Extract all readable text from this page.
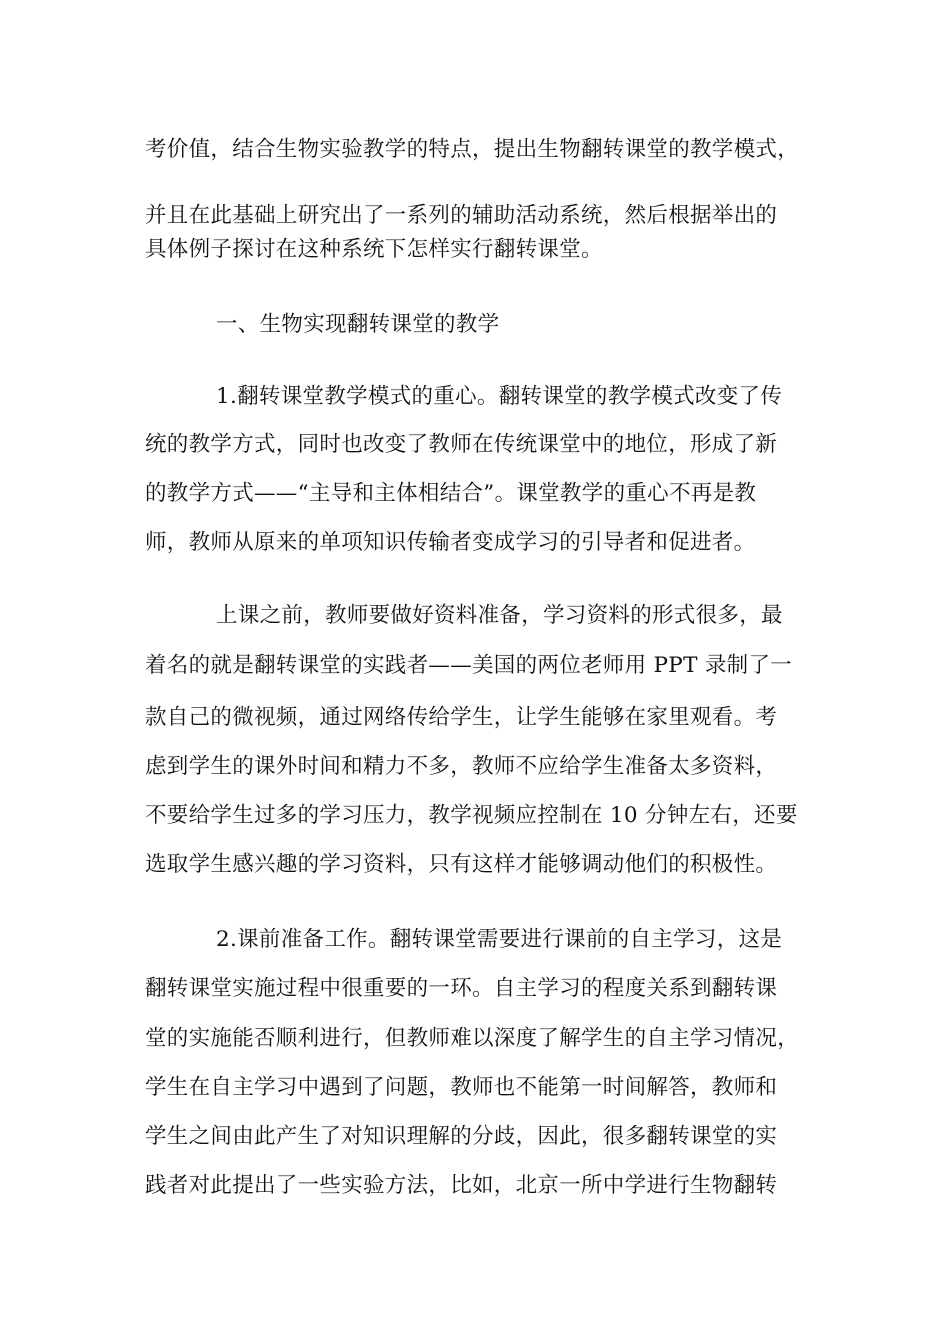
考价值，结合生物实验教学的特点，提出生物翻转课堂的教学模式，
并且在此基础上研究出了一系列的辅助活动系统，然后根据举出的
具体例子探讨在这种系统下怎样实行翻转课堂。
一、生物实现翻转课堂的教学
1.翻转课堂教学模式的重心。翻转课堂的教学模式改变了传
统的教学方式，同时也改变了教师在传统课堂中的地位，形成了新
的教学方式——“主导和主体相结合”。课堂教学的重心不再是教
师，教师从原来的单项知识传输者变成学习的引导者和促进者。
上课之前，教师要做好资料准备，学习资料的形式很多，最
着名的就是翻转课堂的实践者——美国的两位老师用 PPT 录制了一
款自己的微视频，通过网络传给学生，让学生能够在家里观看。考
虑到学生的课外时间和精力不多，教师不应给学生准备太多资料，
不要给学生过多的学习压力，教学视频应控制在 10 分钟左右，还要
选取学生感兴趣的学习资料，只有这样才能够调动他们的积极性。
2.课前准备工作。翻转课堂需要进行课前的自主学习，这是
翻转课堂实施过程中很重要的一环。自主学习的程度关系到翻转课
堂的实施能否顺利进行，但教师难以深度了解学生的自主学习情况，
学生在自主学习中遇到了问题，教师也不能第一时间解答，教师和
学生之间由此产生了对知识理解的分歧，因此，很多翻转课堂的实
践者对此提出了一些实验方法，比如，北京一所中学进行生物翻转
